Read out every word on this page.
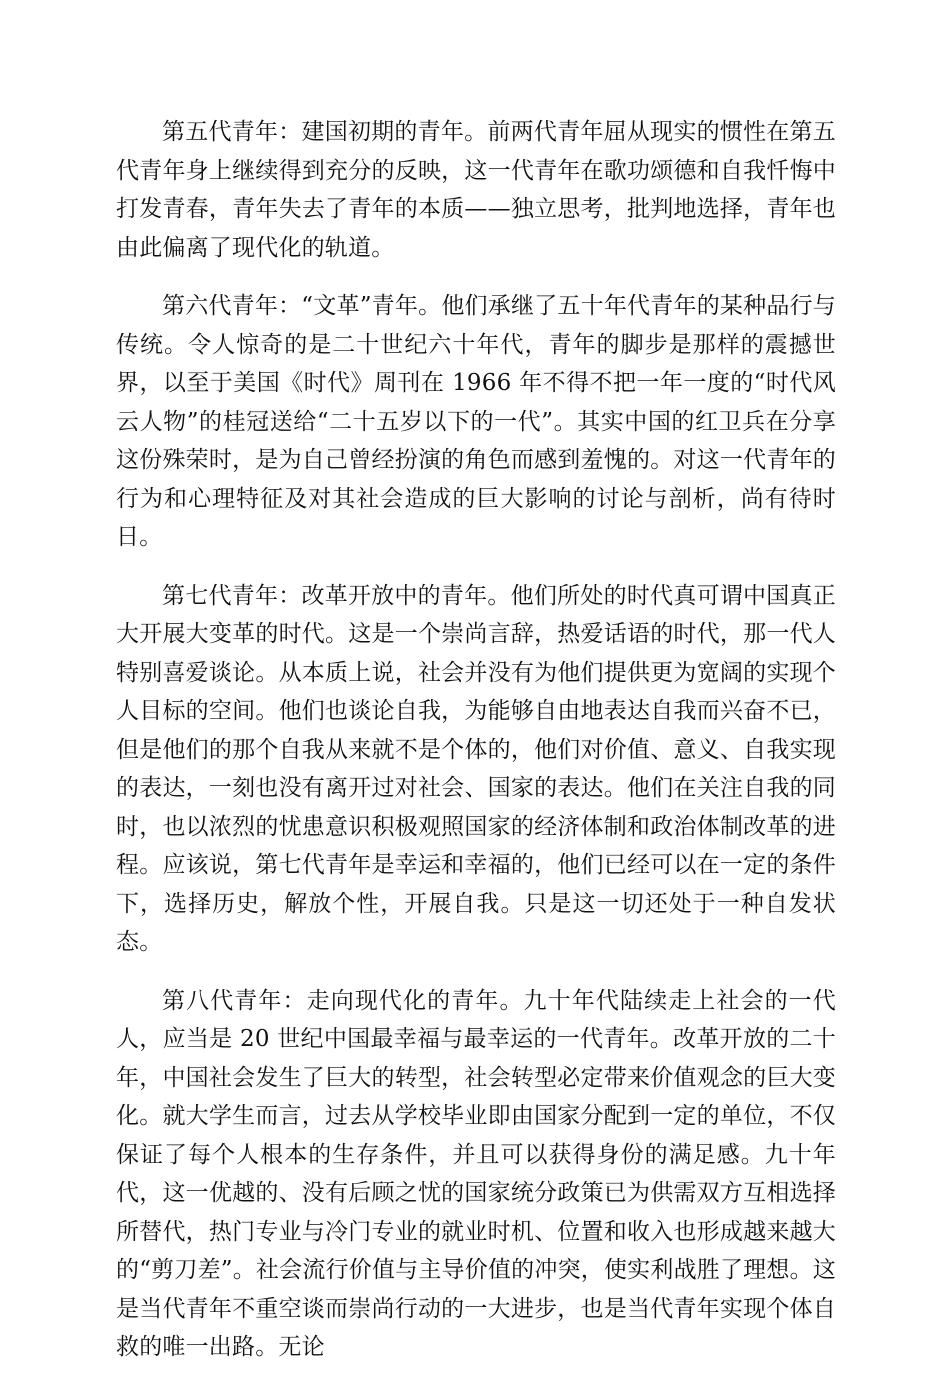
第五代青年：建国初期的青年。前两代青年屈从现实的惯性在第五代青年身上继续得到充分的反映，这一代青年在歌功颂德和自我忏悔中打发青春，青年失去了青年的本质——独立思考，批判地选择，青年也由此偏离了现代化的轨道。

第六代青年：“文革”青年。他们承继了五十年代青年的某种品行与传统。令人惊奇的是二十世纪六十年代，青年的脚步是那样的震撼世界，以至于美国《时代》周刊在 1966 年不得不把一年一度的“时代风云人物”的桂冠送给“二十五岁以下的一代”。其实中国的红卫兵在分享这份殊荣时，是为自己曾经扮演的角色而感到羞愧的。对这一代青年的行为和心理特征及对其社会造成的巨大影响的讨论与剖析，尚有待时日。

第七代青年：改革开放中的青年。他们所处的时代真可谓中国真正大开展大变革的时代。这是一个崇尚言辞，热爱话语的时代，那一代人特别喜爱谈论。从本质上说，社会并没有为他们提供更为宽阔的实现个人目标的空间。他们也谈论自我，为能够自由地表达自我而兴奋不已，但是他们的那个自我从来就不是个体的，他们对价值、意义、自我实现的表达，一刻也没有离开过对社会、国家的表达。他们在关注自我的同时，也以浓烈的忧患意识积极观照国家的经济体制和政治体制改革的进程。应该说，第七代青年是幸运和幸福的，他们已经可以在一定的条件下，选择历史，解放个性，开展自我。只是这一切还处于一种自发状态。

第八代青年：走向现代化的青年。九十年代陆续走上社会的一代人，应当是 20 世纪中国最幸福与最幸运的一代青年。改革开放的二十年，中国社会发生了巨大的转型，社会转型必定带来价值观念的巨大变化。就大学生而言，过去从学校毕业即由国家分配到一定的单位，不仅保证了每个人根本的生存条件，并且可以获得身份的满足感。九十年代，这一优越的、没有后顾之忧的国家统分政策已为供需双方互相选择所替代，热门专业与冷门专业的就业时机、位置和收入也形成越来越大的“剪刀差”。社会流行价值与主导价值的冲突，使实利战胜了理想。这是当代青年不重空谈而崇尚行动的一大进步，也是当代青年实现个体自救的唯一出路。无论
